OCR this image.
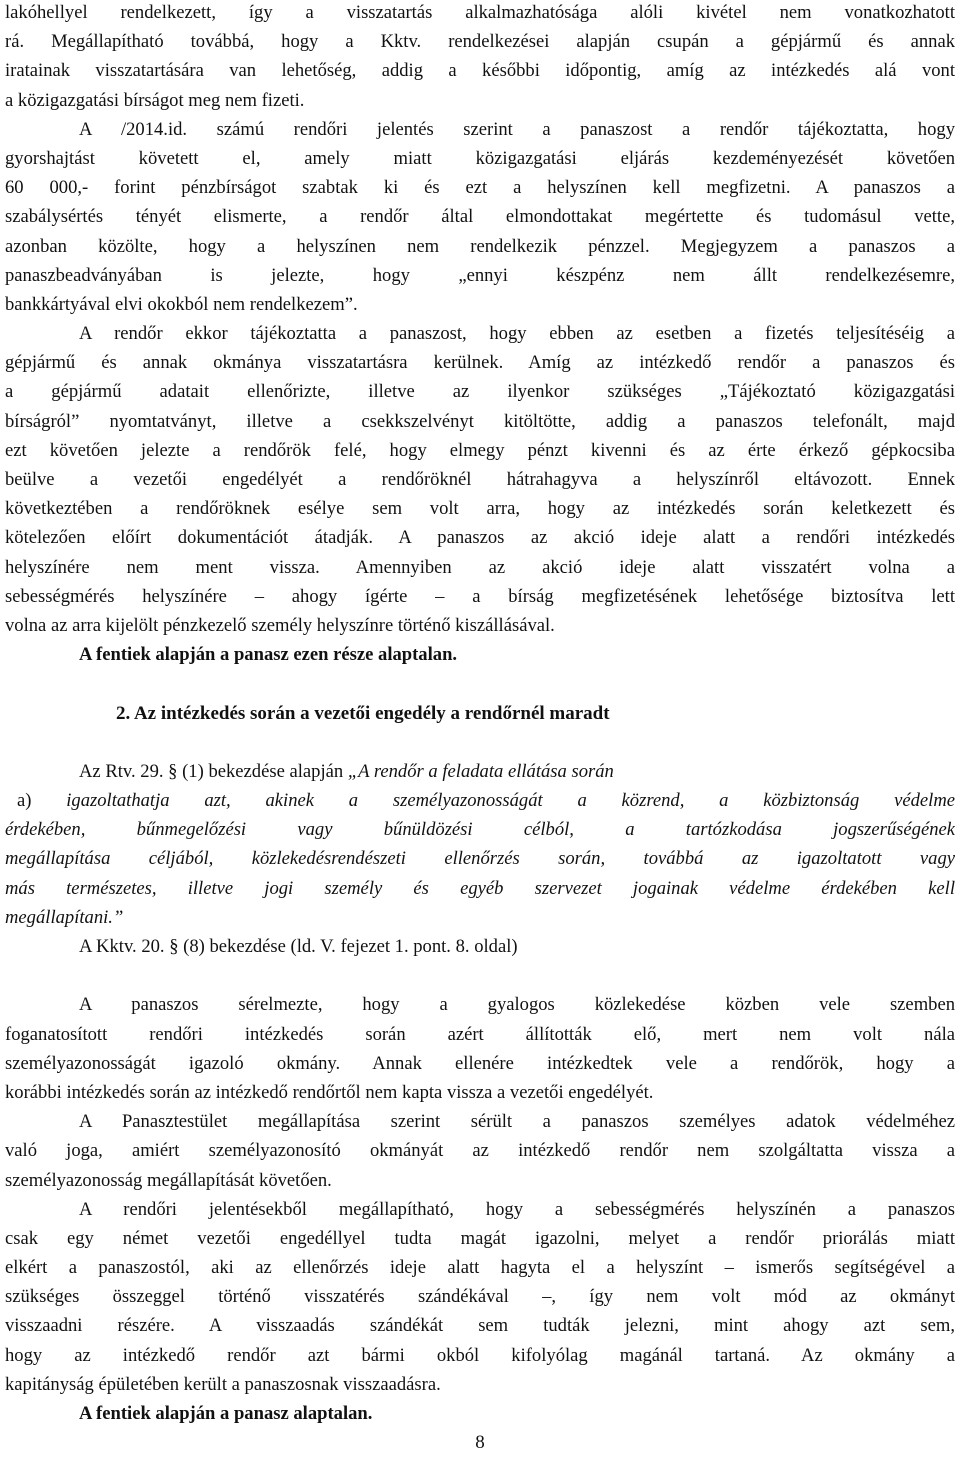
lakóhellyel rendelkezett, így a visszatartás alkalmazhatósága alóli kivétel nem vonatkozhatott
rá. Megállapítható továbbá, hogy a Kktv. rendelkezései alapján csupán a gépjármű és annak
iratainak visszatartására van lehetőség, addig a későbbi időpontig, amíg az intézkedés alá vont
a közigazgatási bírságot meg nem fizeti.
A /2014.id. számú rendőri jelentés szerint a panaszost a rendőr tájékoztatta, hogy
gyorshajtást követett el, amely miatt közigazgatási eljárás kezdeményezését követően
60 000,- forint pénzbírságot szabtak ki és ezt a helyszínen kell megfizetni. A panaszos a
szabálysértés tényét elismerte, a rendőr által elmondottakat megértette és tudomásul vette,
azonban közölte, hogy a helyszínen nem rendelkezik pénzzel. Megjegyzem a panaszos a
panaszbeadványában is jelezte, hogy „ennyi készpénz nem állt rendelkezésemre,
bankkártyával elvi okokból nem rendelkezem”.
A rendőr ekkor tájékoztatta a panaszost, hogy ebben az esetben a fizetés teljesítéséig a
gépjármű és annak okmánya visszatartásra kerülnek. Amíg az intézkedő rendőr a panaszos és
a gépjármű adatait ellenőrizte, illetve az ilyenkor szükséges „Tájékoztató közigazgatási
bírságról” nyomtatványt, illetve a csekkszelvényt kitöltötte, addig a panaszos telefonált, majd
ezt követően jelezte a rendőrök felé, hogy elmegy pénzt kivenni és az érte érkező gépkocsiba
beülve a vezetői engedélyét a rendőröknél hátrahagyva a helyszínről eltávozott. Ennek
következtében a rendőröknek esélye sem volt arra, hogy az intézkedés során keletkezett és
kötelezően előírt dokumentációt átadják. A panaszos az akció ideje alatt a rendőri intézkedés
helyszínére nem ment vissza. Amennyiben az akció ideje alatt visszatért volna a
sebességmérés helyszínére – ahogy ígérte – a bírság megfizetésének lehetősége biztosítva lett
volna az arra kijelölt pénzkezelő személy helyszínre történő kiszállásával.
A fentiek alapján a panasz ezen része alaptalan.
2. Az intézkedés során a vezetői engedély a rendőrnél maradt
Az Rtv. 29. § (1) bekezdése alapján „A rendőr a feladata ellátása során
a) igazoltathatja azt, akinek a személyazonosságát a közrend, a közbiztonság védelme
érdekében, bűnmegelőzési vagy bűnüldözési célból, a tartózkodása jogszerűségének
megállapítása céljából, közlekedésrendészeti ellenőrzés során, továbbá az igazoltatott vagy
más természetes, illetve jogi személy és egyéb szervezet jogainak védelme érdekében kell
megállapítani.”
A Kktv. 20. § (8) bekezdése (ld. V. fejezet 1. pont. 8. oldal)
A panaszos sérelmezte, hogy a gyalogos közlekedése közben vele szemben
foganatosított rendőri intézkedés során azért állították elő, mert nem volt nála
személyazonosságát igazoló okmány. Annak ellenére intézkedtek vele a rendőrök, hogy a
korábbi intézkedés során az intézkedő rendőrtől nem kapta vissza a vezetői engedélyét.
A Panasztestület megállapítása szerint sérült a panaszos személyes adatok védelméhez
való joga, amiért személyazonosító okmányát az intézkedő rendőr nem szolgáltatta vissza a
személyazonosság megállapítását követően.
A rendőri jelentésekből megállapítható, hogy a sebességmérés helyszínén a panaszos
csak egy német vezetői engedéllyel tudta magát igazolni, melyet a rendőr priorálás miatt
elkért a panaszostól, aki az ellenőrzés ideje alatt hagyta el a helyszínt – ismerős segítségével a
szükséges összeggel történő visszatérés szándékával –, így nem volt mód az okmányt
visszaadni részére. A visszaadás szándékát sem tudták jelezni, mint ahogy azt sem,
hogy az intézkedő rendőr azt bármi okból kifolyólag magánál tartaná. Az okmány a
kapitányság épületében került a panaszosnak visszaadásra.
A fentiek alapján a panasz alaptalan.
8
